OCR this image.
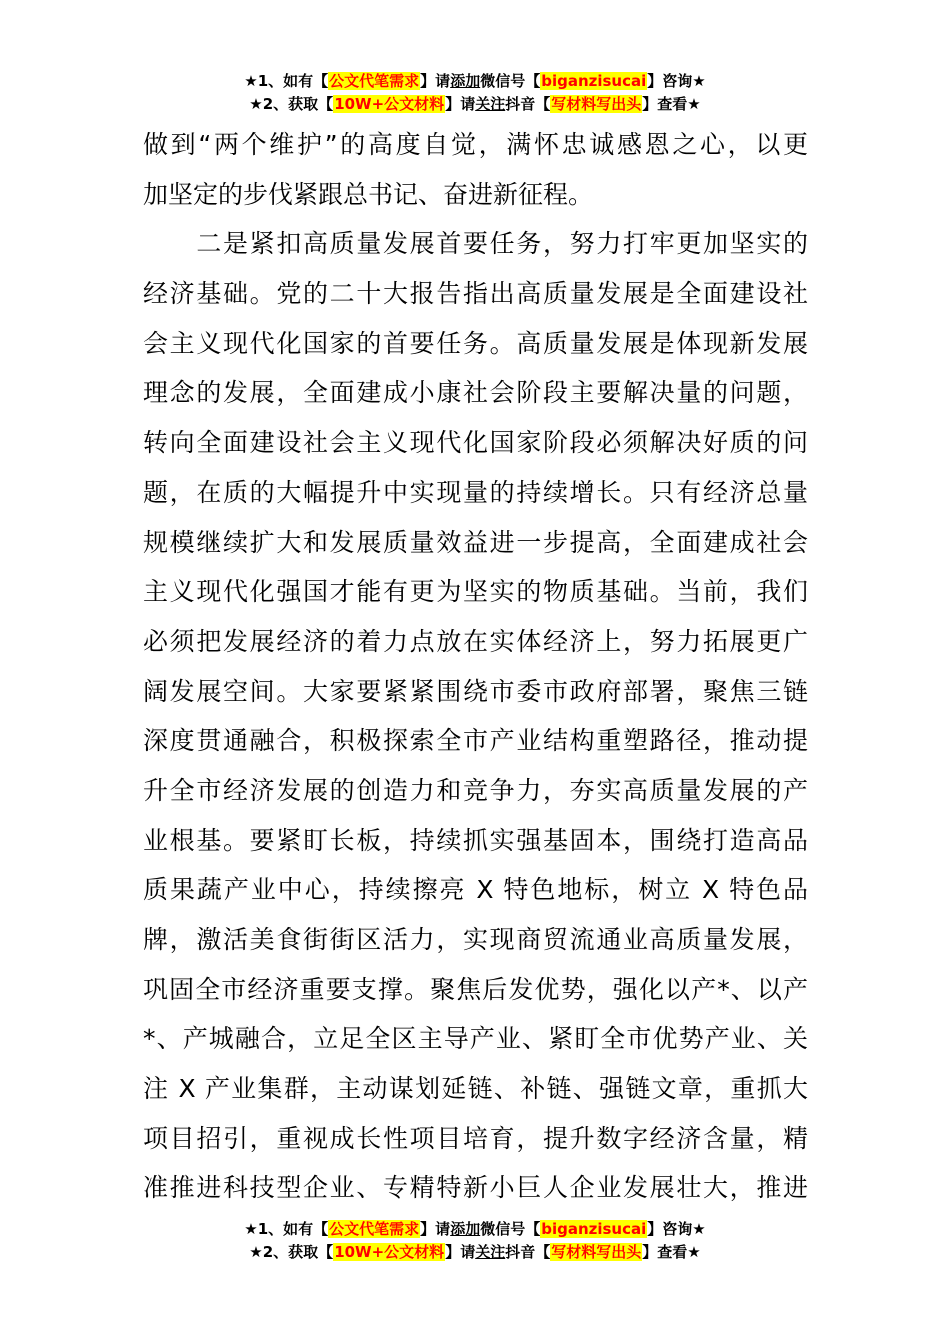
★1、如有【公文代笔需求】请添加微信号【biganzisucai】咨询★
★2、获取【10W+公文材料】请关注抖音【写材料写出头】查看★
做到“两个维护”的高度自觉，满怀忠诚感恩之心，以更
加坚定的步伐紧跟总书记、奋进新征程。
　　二是紧扣高质量发展首要任务，努力打牢更加坚实的
经济基础。党的二十大报告指出高质量发展是全面建设社
会主义现代化国家的首要任务。高质量发展是体现新发展
理念的发展，全面建成小康社会阶段主要解决量的问题，
转向全面建设社会主义现代化国家阶段必须解决好质的问
题，在质的大幅提升中实现量的持续增长。只有经济总量
规模继续扩大和发展质量效益进一步提高，全面建成社会
主义现代化强国才能有更为坚实的物质基础。当前，我们
必须把发展经济的着力点放在实体经济上，努力拓展更广
阔发展空间。大家要紧紧围绕市委市政府部署，聚焦三链
深度贯通融合，积极探索全市产业结构重塑路径，推动提
升全市经济发展的创造力和竞争力，夯实高质量发展的产
业根基。要紧盯长板，持续抓实强基固本，围绕打造高品
质果蔬产业中心，持续擦亮 X 特色地标，树立 X 特色品
牌，激活美食街街区活力，实现商贸流通业高质量发展，
巩固全市经济重要支撑。聚焦后发优势，强化以产*、以产
*、产城融合，立足全区主导产业、紧盯全市优势产业、关
注 X 产业集群，主动谋划延链、补链、强链文章，重抓大
项目招引，重视成长性项目培育，提升数字经济含量，精
准推进科技型企业、专精特新小巨人企业发展壮大，推进
★1、如有【公文代笔需求】请添加微信号【biganzisucai】咨询★
★2、获取【10W+公文材料】请关注抖音【写材料写出头】查看★
